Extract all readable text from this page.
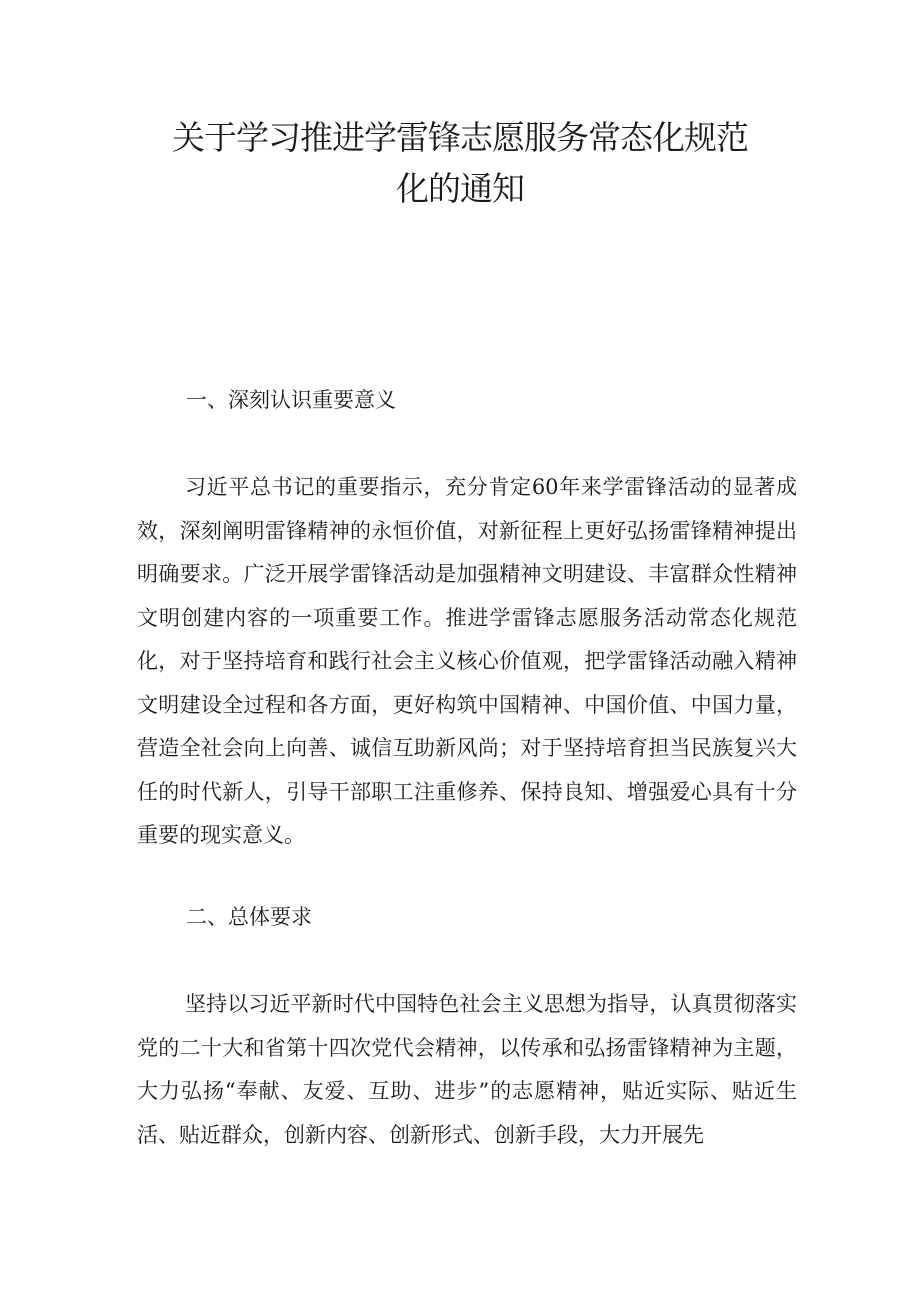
关于学习推进学雷锋志愿服务常态化规范
化的通知
一、深刻认识重要意义

习近平总书记的重要指示，充分肯定60年来学雷锋活动的显著成效，深刻阐明雷锋精神的永恒价值，对新征程上更好弘扬雷锋精神提出明确要求。广泛开展学雷锋活动是加强精神文明建设、丰富群众性精神文明创建内容的一项重要工作。推进学雷锋志愿服务活动常态化规范化，对于坚持培育和践行社会主义核心价值观，把学雷锋活动融入精神文明建设全过程和各方面，更好构筑中国精神、中国价值、中国力量，营造全社会向上向善、诚信互助新风尚；对于坚持培育担当民族复兴大任的时代新人，引导干部职工注重修养、保持良知、增强爱心具有十分重要的现实意义。

二、总体要求

坚持以习近平新时代中国特色社会主义思想为指导，认真贯彻落实党的二十大和省第十四次党代会精神，以传承和弘扬雷锋精神为主题，大力弘扬“奉献、友爱、互助、进步”的志愿精神，贴近实际、贴近生活、贴近群众，创新内容、创新形式、创新手段，大力开展先
